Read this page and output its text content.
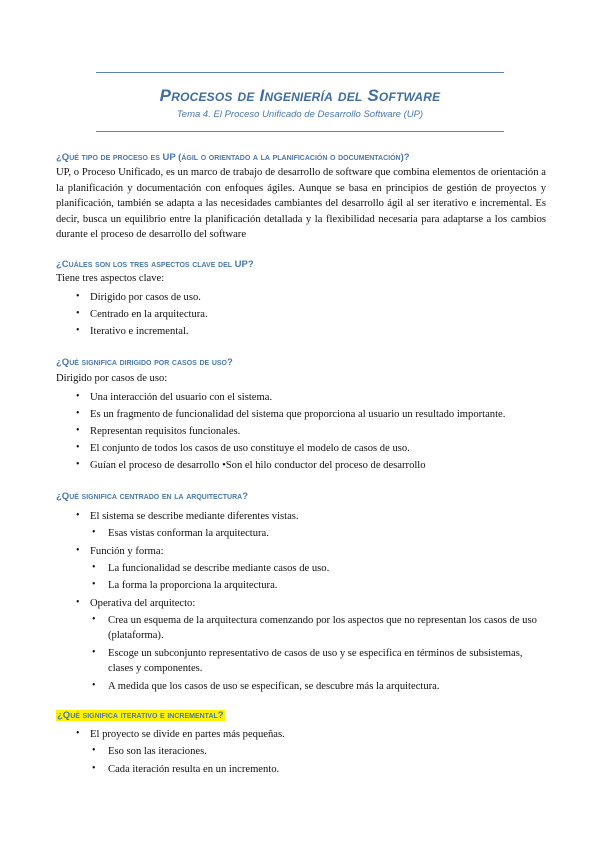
Procesos de Ingeniería del Software
Tema 4. El Proceso Unificado de Desarrollo Software (UP)
¿Qué tipo de proceso es UP (ágil o orientado a la planificación o documentación)?
UP, o Proceso Unificado, es un marco de trabajo de desarrollo de software que combina elementos de orientación a la planificación y documentación con enfoques ágiles. Aunque se basa en principios de gestión de proyectos y planificación, también se adapta a las necesidades cambiantes del desarrollo ágil al ser iterativo e incremental. Es decir, busca un equilibrio entre la planificación detallada y la flexibilidad necesaria para adaptarse a los cambios durante el proceso de desarrollo del software
¿Cuáles son los tres aspectos clave del UP?
Tiene tres aspectos clave:
• Dirigido por casos de uso.
• Centrado en la arquitectura.
• Iterativo e incremental.
¿Qué significa dirigido por casos de uso?
Dirigido por casos de uso:
• Una interacción del usuario con el sistema.
• Es un fragmento de funcionalidad del sistema que proporciona al usuario un resultado importante.
• Representan requisitos funcionales.
• El conjunto de todos los casos de uso constituye el modelo de casos de uso.
• Guían el proceso de desarrollo •Son el hilo conductor del proceso de desarrollo
¿Qué significa centrado en la arquitectura?
• El sistema se describe mediante diferentes vistas.
• Esas vistas conforman la arquitectura.
• Función y forma:
• La funcionalidad se describe mediante casos de uso.
• La forma la proporciona la arquitectura.
• Operativa del arquitecto:
• Crea un esquema de la arquitectura comenzando por los aspectos que no representan los casos de uso (plataforma).
• Escoge un subconjunto representativo de casos de uso y se especifica en términos de subsistemas, clases y componentes.
• A medida que los casos de uso se especifican, se descubre más la arquitectura.
¿Qué significa iterativo e incremental?
• El proyecto se divide en partes más pequeñas.
• Eso son las iteraciones.
• Cada iteración resulta en un incremento.
